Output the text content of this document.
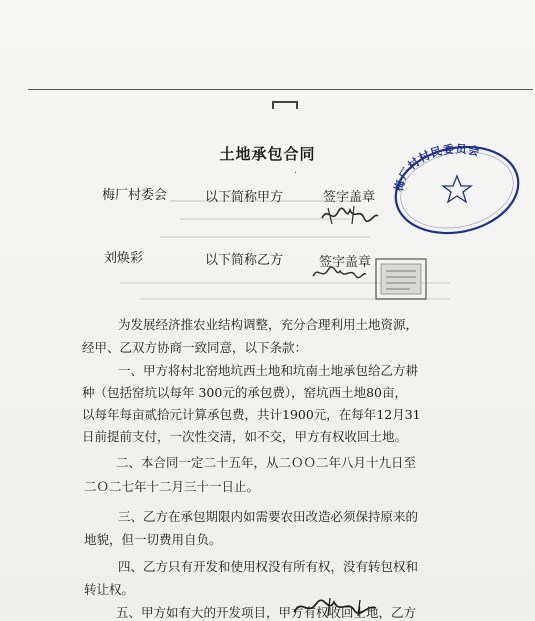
土地承包合同
·
梅厂村委会	以下简称甲方	签字盖章
梅厂村村民委员会
刘焕彩	以下简称乙方	签字盖章
为发展经济推农业结构调整，充分合理利用土地资源，
经甲、乙双方协商一致同意，以下条款：
一、甲方将村北窑地坑西土地和坑南土地承包给乙方耕
种（包括窑坑以每年 300元的承包费），窑坑西土地80亩，
以每年每亩贰拾元计算承包费，共计1900元，在每年12月31
日前提前支付，一次性交清，如不交，甲方有权收回土地。
二、本合同一定二十五年，从二ＯＯ二年八月十九日至
二Ｏ二七年十二月三十一日止。
三、乙方在承包期限内如需要农田改造必须保持原来的
地貌，但一切费用自负。
四、乙方只有开发和使用权没有所有权，没有转包权和
转让权。
五、甲方如有大的开发项目，甲方有权收回土地，乙方
